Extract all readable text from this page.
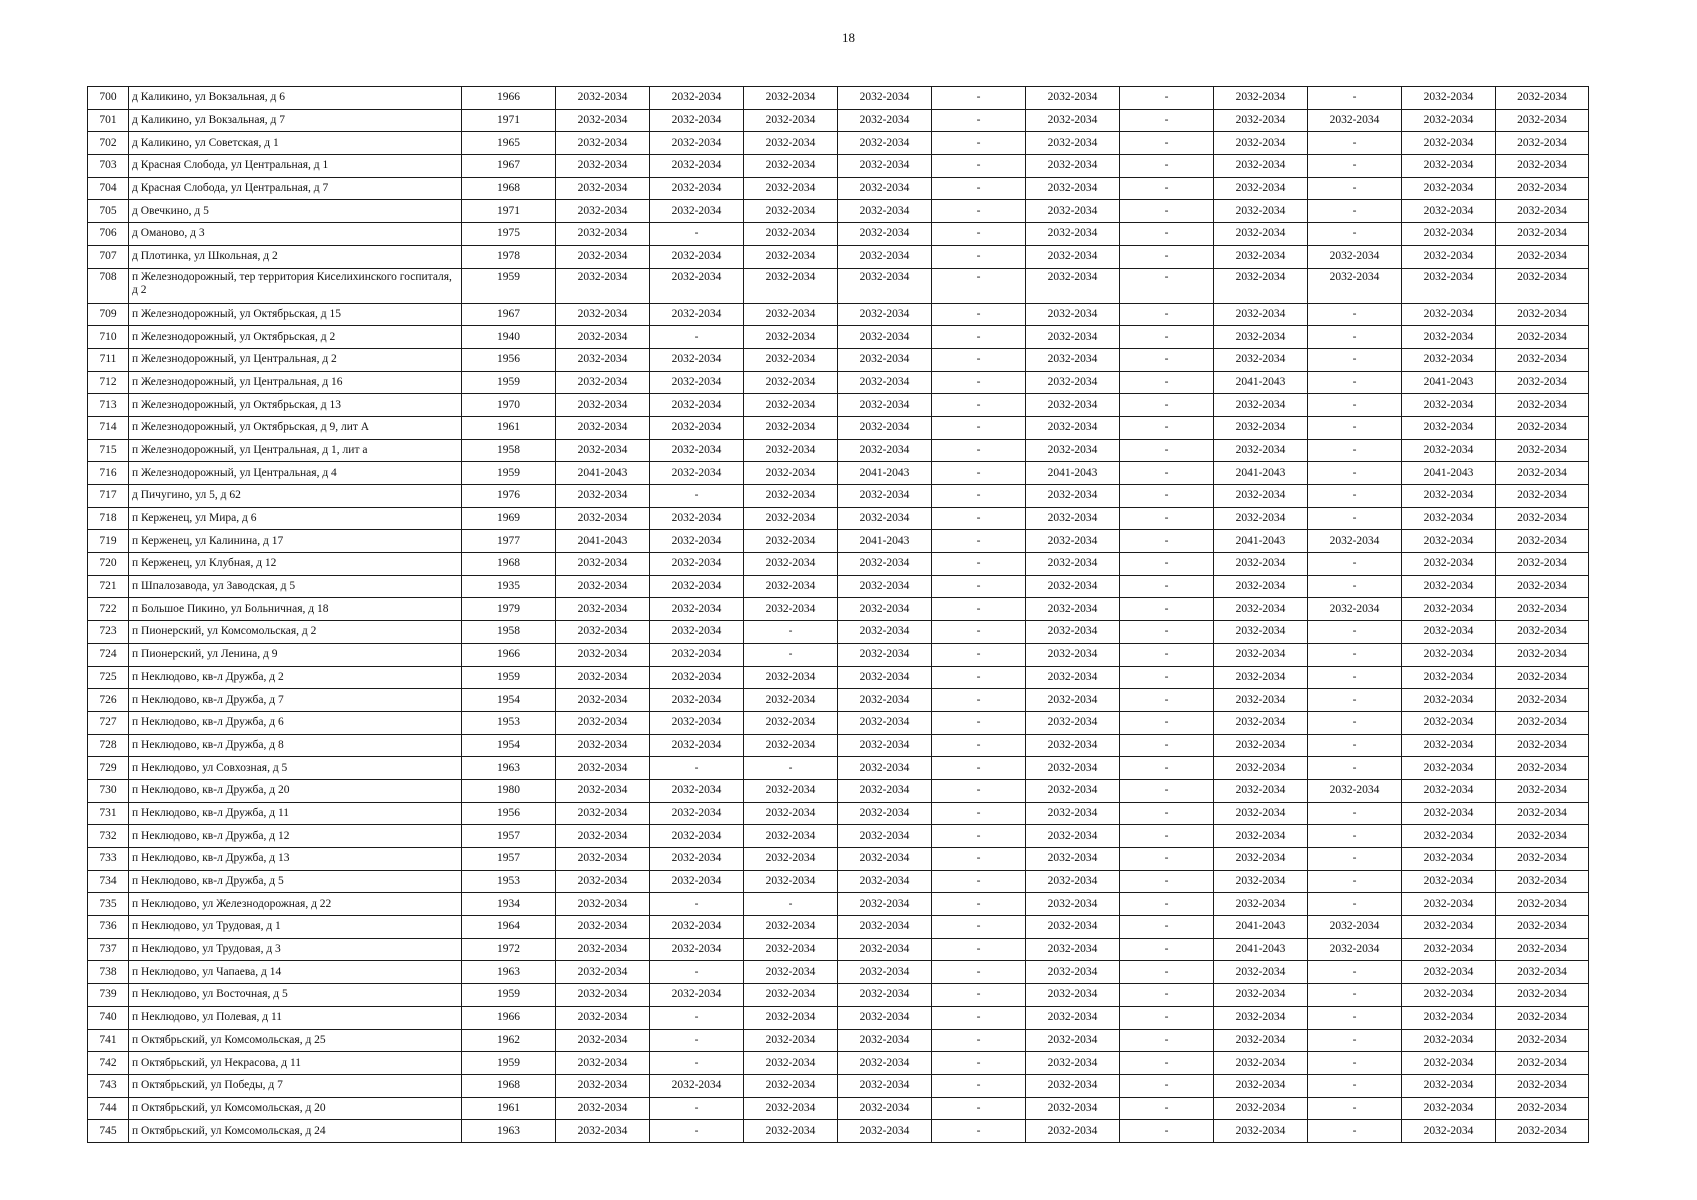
18
700	д Каликино, ул Вокзальная, д 6	1966	2032-2034	2032-2034	2032-2034	2032-2034	-	2032-2034	-	2032-2034	-	2032-2034	2032-2034
701	д Каликино, ул Вокзальная, д 7	1971	2032-2034	2032-2034	2032-2034	2032-2034	-	2032-2034	-	2032-2034	2032-2034	2032-2034	2032-2034
702	д Каликино, ул Советская, д 1	1965	2032-2034	2032-2034	2032-2034	2032-2034	-	2032-2034	-	2032-2034	-	2032-2034	2032-2034
703	д Красная Слобода, ул Центральная, д 1	1967	2032-2034	2032-2034	2032-2034	2032-2034	-	2032-2034	-	2032-2034	-	2032-2034	2032-2034
704	д Красная Слобода, ул Центральная, д 7	1968	2032-2034	2032-2034	2032-2034	2032-2034	-	2032-2034	-	2032-2034	-	2032-2034	2032-2034
705	д Овечкино, д 5	1971	2032-2034	2032-2034	2032-2034	2032-2034	-	2032-2034	-	2032-2034	-	2032-2034	2032-2034
706	д Оманово, д 3	1975	2032-2034	-	2032-2034	2032-2034	-	2032-2034	-	2032-2034	-	2032-2034	2032-2034
707	д Плотинка, ул Школьная, д 2	1978	2032-2034	2032-2034	2032-2034	2032-2034	-	2032-2034	-	2032-2034	2032-2034	2032-2034	2032-2034
708	п Железнодорожный, тер территория Киселихинского госпиталя, д 2	1959	2032-2034	2032-2034	2032-2034	2032-2034	-	2032-2034	-	2032-2034	2032-2034	2032-2034	2032-2034
709	п Железнодорожный, ул Октябрьская, д 15	1967	2032-2034	2032-2034	2032-2034	2032-2034	-	2032-2034	-	2032-2034	-	2032-2034	2032-2034
710	п Железнодорожный, ул Октябрьская, д 2	1940	2032-2034	-	2032-2034	2032-2034	-	2032-2034	-	2032-2034	-	2032-2034	2032-2034
711	п Железнодорожный, ул Центральная, д 2	1956	2032-2034	2032-2034	2032-2034	2032-2034	-	2032-2034	-	2032-2034	-	2032-2034	2032-2034
712	п Железнодорожный, ул Центральная, д 16	1959	2032-2034	2032-2034	2032-2034	2032-2034	-	2032-2034	-	2041-2043	-	2041-2043	2032-2034
713	п Железнодорожный, ул Октябрьская, д 13	1970	2032-2034	2032-2034	2032-2034	2032-2034	-	2032-2034	-	2032-2034	-	2032-2034	2032-2034
714	п Железнодорожный, ул Октябрьская, д 9, лит А	1961	2032-2034	2032-2034	2032-2034	2032-2034	-	2032-2034	-	2032-2034	-	2032-2034	2032-2034
715	п Железнодорожный, ул Центральная, д 1, лит а	1958	2032-2034	2032-2034	2032-2034	2032-2034	-	2032-2034	-	2032-2034	-	2032-2034	2032-2034
716	п Железнодорожный, ул Центральная, д 4	1959	2041-2043	2032-2034	2032-2034	2041-2043	-	2041-2043	-	2041-2043	-	2041-2043	2032-2034
717	д Пичугино, ул 5, д 62	1976	2032-2034	-	2032-2034	2032-2034	-	2032-2034	-	2032-2034	-	2032-2034	2032-2034
718	п Керженец, ул Мира, д 6	1969	2032-2034	2032-2034	2032-2034	2032-2034	-	2032-2034	-	2032-2034	-	2032-2034	2032-2034
719	п Керженец, ул Калинина, д 17	1977	2041-2043	2032-2034	2032-2034	2041-2043	-	2032-2034	-	2041-2043	2032-2034	2032-2034	2032-2034
720	п Керженец, ул Клубная, д 12	1968	2032-2034	2032-2034	2032-2034	2032-2034	-	2032-2034	-	2032-2034	-	2032-2034	2032-2034
721	п Шпалозавода, ул Заводская, д 5	1935	2032-2034	2032-2034	2032-2034	2032-2034	-	2032-2034	-	2032-2034	-	2032-2034	2032-2034
722	п Большое Пикино, ул Больничная, д 18	1979	2032-2034	2032-2034	2032-2034	2032-2034	-	2032-2034	-	2032-2034	2032-2034	2032-2034	2032-2034
723	п Пионерский, ул Комсомольская, д 2	1958	2032-2034	2032-2034	-	2032-2034	-	2032-2034	-	2032-2034	-	2032-2034	2032-2034
724	п Пионерский, ул Ленина, д 9	1966	2032-2034	2032-2034	-	2032-2034	-	2032-2034	-	2032-2034	-	2032-2034	2032-2034
725	п Неклюдово, кв-л Дружба, д 2	1959	2032-2034	2032-2034	2032-2034	2032-2034	-	2032-2034	-	2032-2034	-	2032-2034	2032-2034
726	п Неклюдово, кв-л Дружба, д 7	1954	2032-2034	2032-2034	2032-2034	2032-2034	-	2032-2034	-	2032-2034	-	2032-2034	2032-2034
727	п Неклюдово, кв-л Дружба, д 6	1953	2032-2034	2032-2034	2032-2034	2032-2034	-	2032-2034	-	2032-2034	-	2032-2034	2032-2034
728	п Неклюдово, кв-л Дружба, д 8	1954	2032-2034	2032-2034	2032-2034	2032-2034	-	2032-2034	-	2032-2034	-	2032-2034	2032-2034
729	п Неклюдово, ул Совхозная, д 5	1963	2032-2034	-	-	2032-2034	-	2032-2034	-	2032-2034	-	2032-2034	2032-2034
730	п Неклюдово, кв-л Дружба, д 20	1980	2032-2034	2032-2034	2032-2034	2032-2034	-	2032-2034	-	2032-2034	2032-2034	2032-2034	2032-2034
731	п Неклюдово, кв-л Дружба, д 11	1956	2032-2034	2032-2034	2032-2034	2032-2034	-	2032-2034	-	2032-2034	-	2032-2034	2032-2034
732	п Неклюдово, кв-л Дружба, д 12	1957	2032-2034	2032-2034	2032-2034	2032-2034	-	2032-2034	-	2032-2034	-	2032-2034	2032-2034
733	п Неклюдово, кв-л Дружба, д 13	1957	2032-2034	2032-2034	2032-2034	2032-2034	-	2032-2034	-	2032-2034	-	2032-2034	2032-2034
734	п Неклюдово, кв-л Дружба, д 5	1953	2032-2034	2032-2034	2032-2034	2032-2034	-	2032-2034	-	2032-2034	-	2032-2034	2032-2034
735	п Неклюдово, ул Железнодорожная, д 22	1934	2032-2034	-	-	2032-2034	-	2032-2034	-	2032-2034	-	2032-2034	2032-2034
736	п Неклюдово, ул Трудовая, д 1	1964	2032-2034	2032-2034	2032-2034	2032-2034	-	2032-2034	-	2041-2043	2032-2034	2032-2034	2032-2034
737	п Неклюдово, ул Трудовая, д 3	1972	2032-2034	2032-2034	2032-2034	2032-2034	-	2032-2034	-	2041-2043	2032-2034	2032-2034	2032-2034
738	п Неклюдово, ул Чапаева, д 14	1963	2032-2034	-	2032-2034	2032-2034	-	2032-2034	-	2032-2034	-	2032-2034	2032-2034
739	п Неклюдово, ул Восточная, д 5	1959	2032-2034	2032-2034	2032-2034	2032-2034	-	2032-2034	-	2032-2034	-	2032-2034	2032-2034
740	п Неклюдово, ул Полевая, д 11	1966	2032-2034	-	2032-2034	2032-2034	-	2032-2034	-	2032-2034	-	2032-2034	2032-2034
741	п Октябрьский, ул Комсомольская, д 25	1962	2032-2034	-	2032-2034	2032-2034	-	2032-2034	-	2032-2034	-	2032-2034	2032-2034
742	п Октябрьский, ул Некрасова, д 11	1959	2032-2034	-	2032-2034	2032-2034	-	2032-2034	-	2032-2034	-	2032-2034	2032-2034
743	п Октябрьский, ул Победы, д 7	1968	2032-2034	2032-2034	2032-2034	2032-2034	-	2032-2034	-	2032-2034	-	2032-2034	2032-2034
744	п Октябрьский, ул Комсомольская, д 20	1961	2032-2034	-	2032-2034	2032-2034	-	2032-2034	-	2032-2034	-	2032-2034	2032-2034
745	п Октябрьский, ул Комсомольская, д 24	1963	2032-2034	-	2032-2034	2032-2034	-	2032-2034	-	2032-2034	-	2032-2034	2032-2034
